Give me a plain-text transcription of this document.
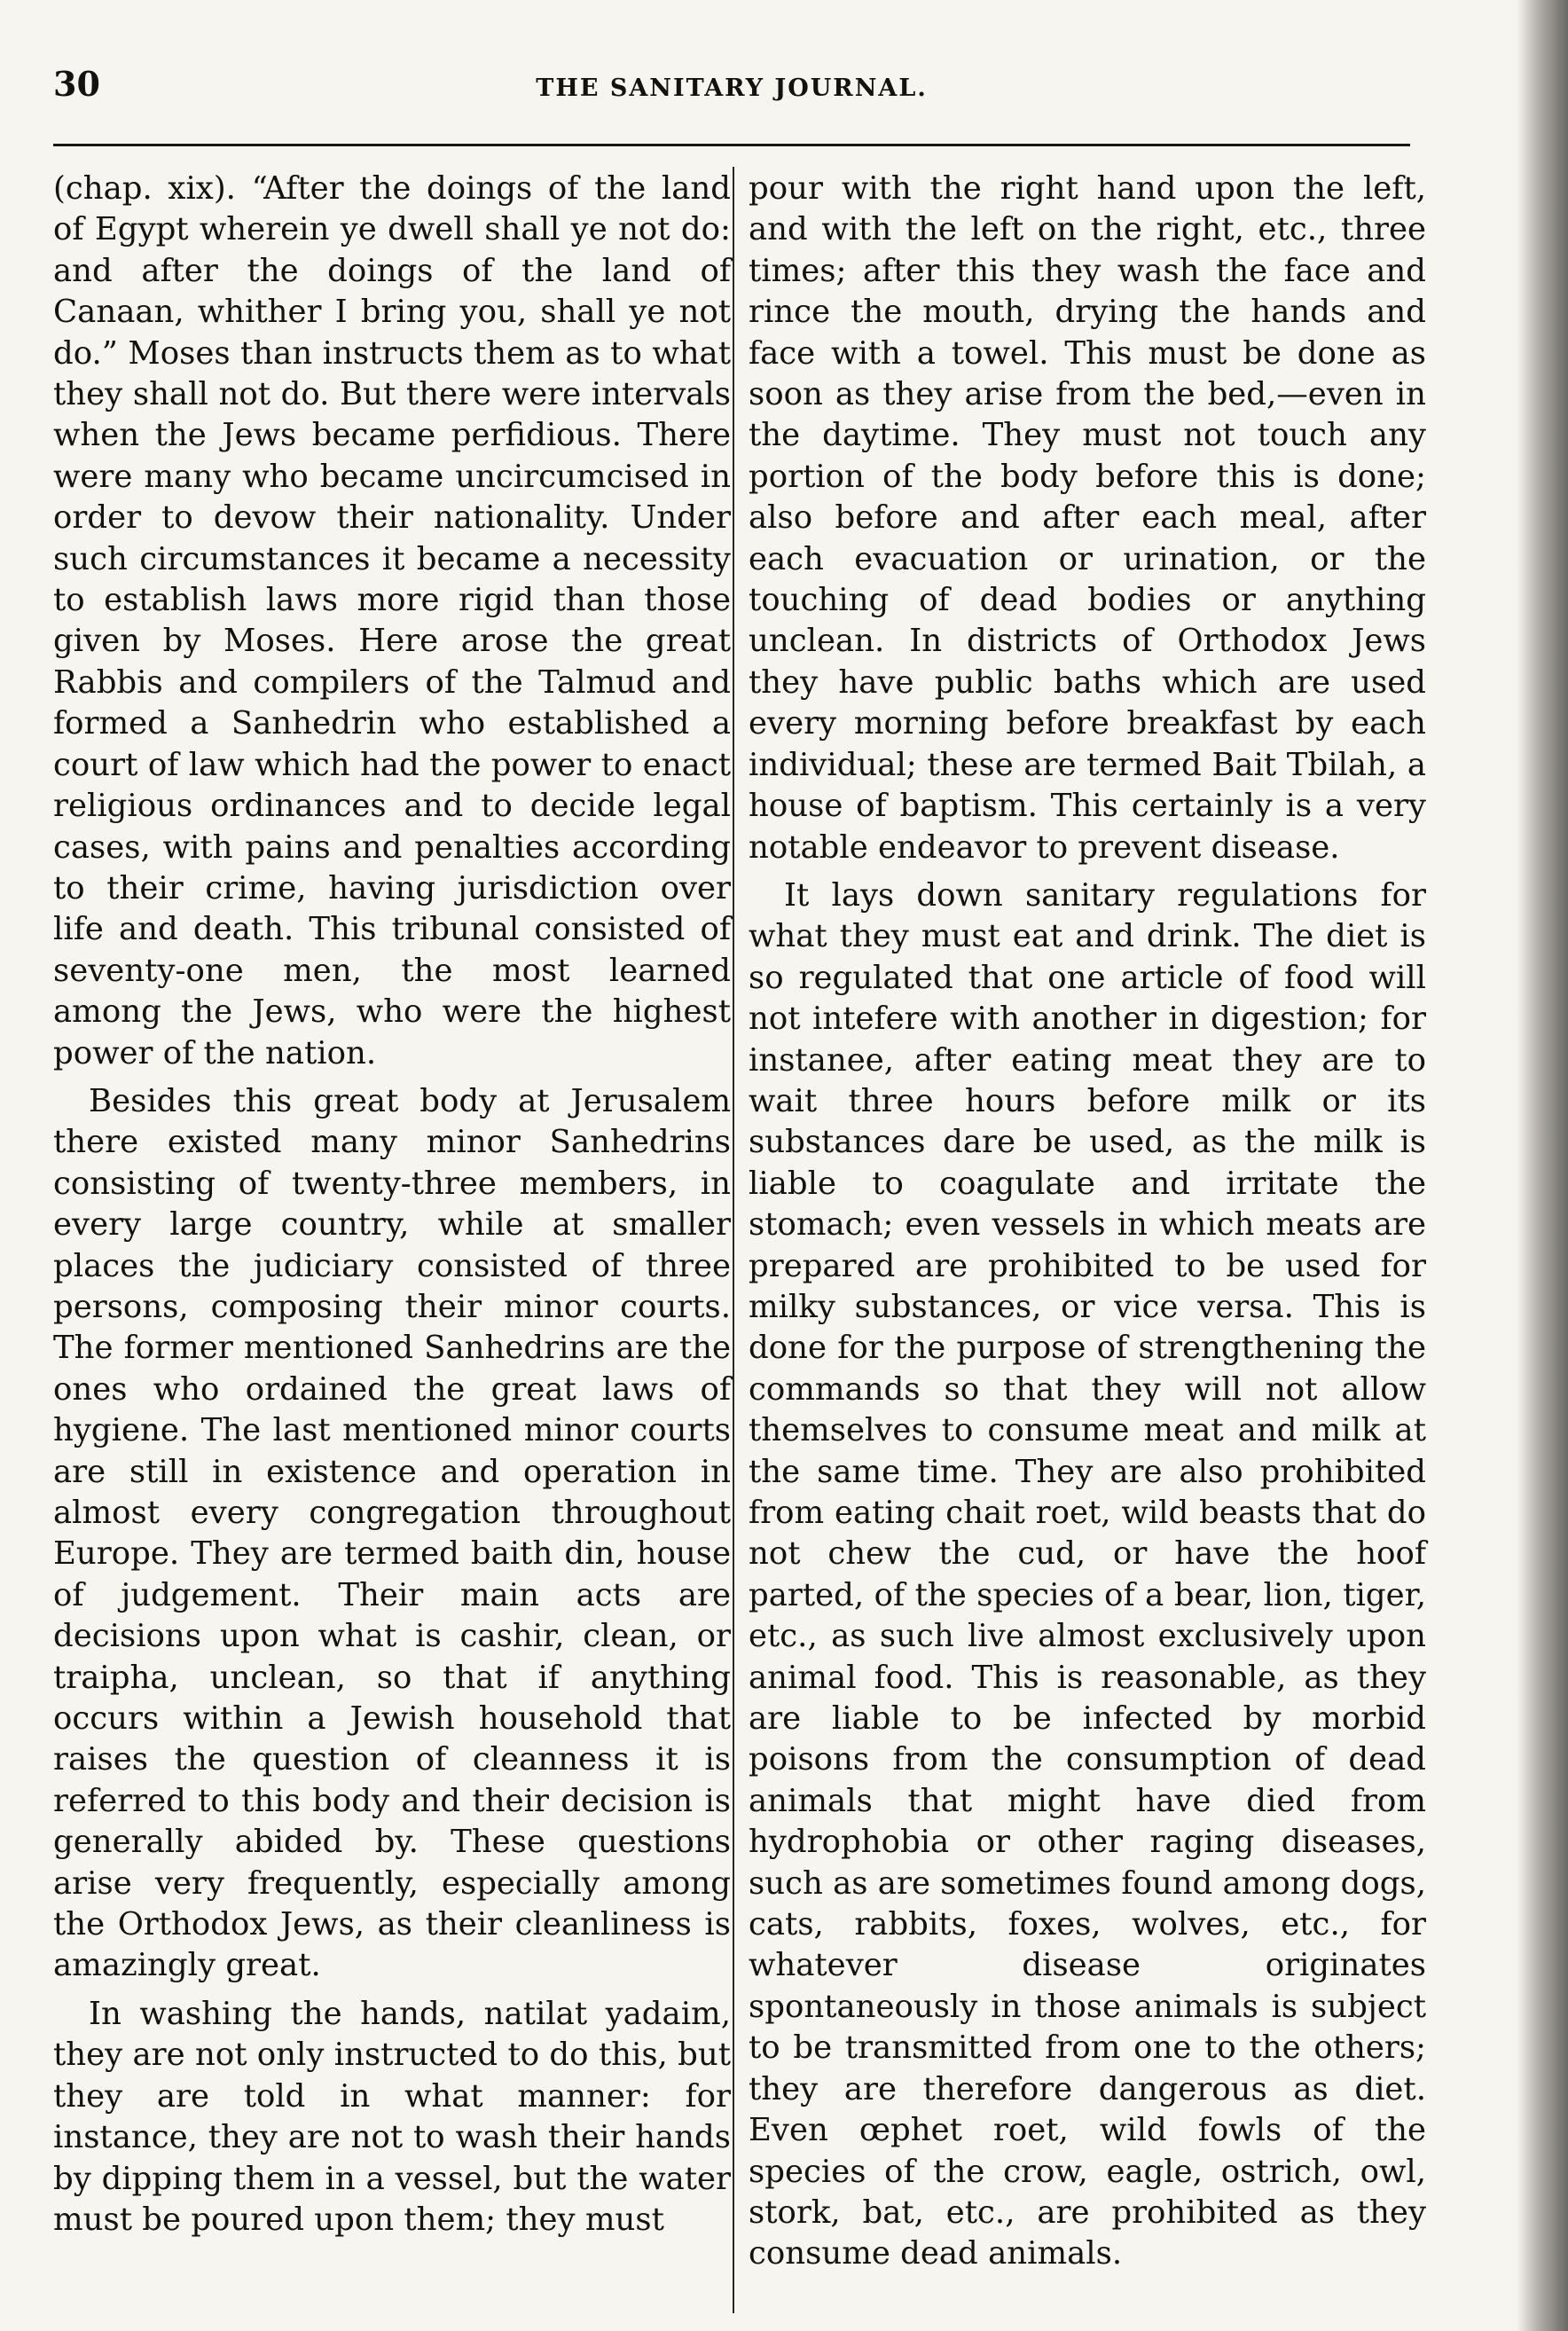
30	THE SANITARY JOURNAL.

(chap. xix). “After the doings of the land of Egypt wherein ye dwell shall ye not do: and after the doings of the land of Canaan, whither I bring you, shall ye not do.” Moses than instructs them as to what they shall not do. But there were intervals when the Jews became perfidious. There were many who became uncircumcised in order to devow their nationality. Under such circumstances it became a necessity to establish laws more rigid than those given by Moses. Here arose the great Rabbis and compilers of the Talmud and formed a Sanhedrin who established a court of law which had the power to enact religious ordinances and to decide legal cases, with pains and penalties according to their crime, having jurisdiction over life and death. This tribunal consisted of seventy-one men, the most learned among the Jews, who were the highest power of the nation.

Besides this great body at Jerusalem there existed many minor Sanhedrins consisting of twenty-three members, in every large country, while at smaller places the judiciary consisted of three persons, composing their minor courts. The former mentioned Sanhedrins are the ones who ordained the great laws of hygiene. The last mentioned minor courts are still in existence and operation in almost every congregation throughout Europe. They are termed baith din, house of judgement. Their main acts are decisions upon what is cashir, clean, or traipha, unclean, so that if anything occurs within a Jewish household that raises the question of cleanness it is referred to this body and their decision is generally abided by. These questions arise very frequently, especially among the Orthodox Jews, as their cleanliness is amazingly great.

In washing the hands, natilat yadaim, they are not only instructed to do this, but they are told in what manner: for instance, they are not to wash their hands by dipping them in a vessel, but the water must be poured upon them; they must

pour with the right hand upon the left, and with the left on the right, etc., three times; after this they wash the face and rince the mouth, drying the hands and face with a towel. This must be done as soon as they arise from the bed,—even in the daytime. They must not touch any portion of the body before this is done; also before and after each meal, after each evacuation or urination, or the touching of dead bodies or anything unclean. In districts of Orthodox Jews they have public baths which are used every morning before breakfast by each individual; these are termed Bait Tbilah, a house of baptism. This certainly is a very notable endeavor to prevent disease.

It lays down sanitary regulations for what they must eat and drink. The diet is so regulated that one article of food will not intefere with another in digestion; for instanee, after eating meat they are to wait three hours before milk or its substances dare be used, as the milk is liable to coagulate and irritate the stomach; even vessels in which meats are prepared are prohibited to be used for milky substances, or vice versa. This is done for the purpose of strengthening the commands so that they will not allow themselves to consume meat and milk at the same time. They are also prohibited from eating chait roet, wild beasts that do not chew the cud, or have the hoof parted, of the species of a bear, lion, tiger, etc., as such live almost exclusively upon animal food. This is reasonable, as they are liable to be infected by morbid poisons from the consumption of dead animals that might have died from hydrophobia or other raging diseases, such as are sometimes found among dogs, cats, rabbits, foxes, wolves, etc., for whatever disease originates spontaneously in those animals is subject to be transmitted from one to the others; they are therefore dangerous as diet. Even œphet roet, wild fowls of the species of the crow, eagle, ostrich, owl, stork, bat, etc., are prohibited as they consume dead animals.
